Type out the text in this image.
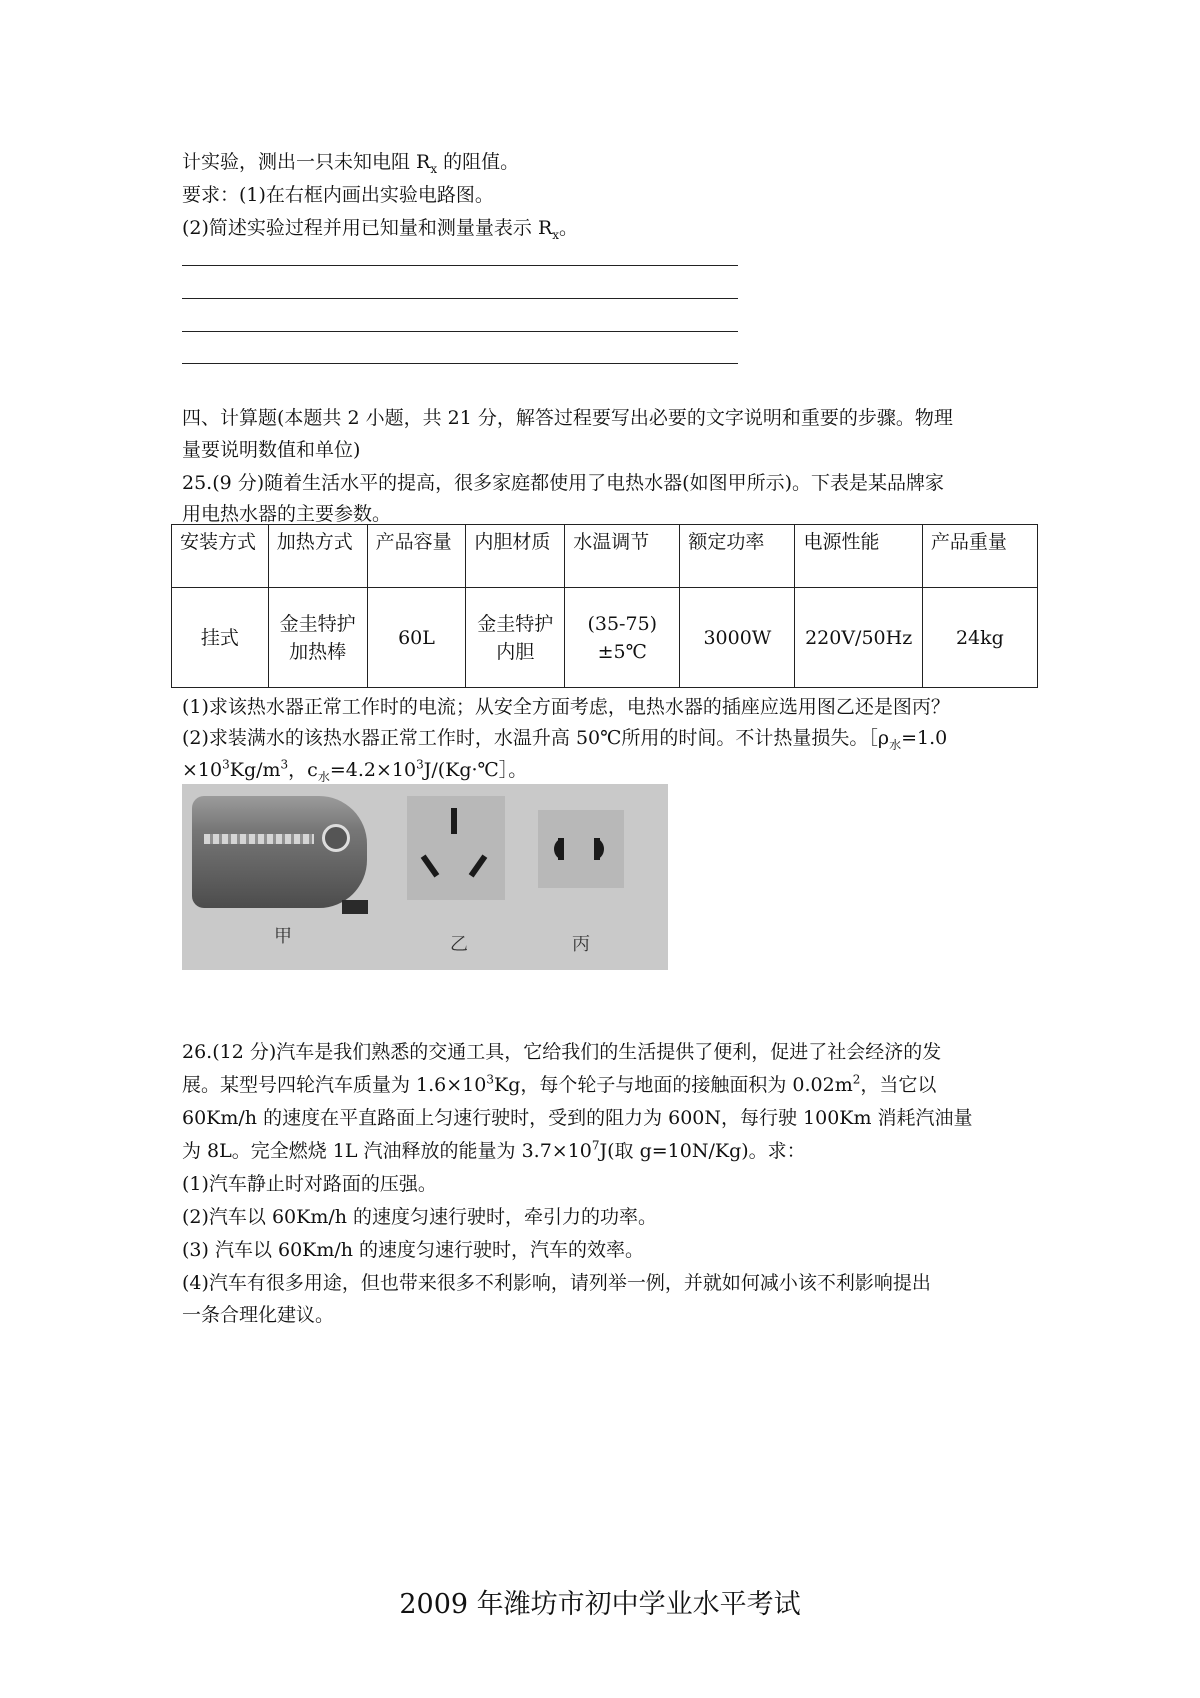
计实验，测出一只未知电阻 $R_x$ 的阻值。
要求：(1)在右框内画出实验电路图。
(2)简述实验过程并用已知量和测量量表示 $R_x$。
四、计算题(本题共 2 小题，共 21 分，解答过程要写出必要的文字说明和重要的步骤。物理
量要说明数值和单位)
25.(9 分)随着生活水平的提高，很多家庭都使用了电热水器(如图甲所示)。下表是某品牌家
用电热水器的主要参数。
安装方式	加热方式	产品容量	内胆材质	水温调节	额定功率	电源性能	产品重量
挂式	金圭特护加热棒	60L	金圭特护内胆	(35-75)±5℃	3000W	220V/50Hz	24kg
(1)求该热水器正常工作时的电流；从安全方面考虑，电热水器的插座应选用图乙还是图丙？
(2)求装满水的该热水器正常工作时，水温升高 50℃所用的时间。不计热量损失。$[\rho_水=1.0$
$\times 10^3Kg/m^3$，$c_水=4.2\times 10^3J/(Kg\cdot℃]$。
甲	乙	丙
26.(12 分)汽车是我们熟悉的交通工具，它给我们的生活提供了便利，促进了社会经济的发
展。某型号四轮汽车质量为 $1.6\times 10^3Kg$，每个轮子与地面的接触面积为 $0.02m^2$，当它以
60Km/h 的速度在平直路面上匀速行驶时，受到的阻力为 600N，每行驶 100Km 消耗汽油量
为 8L。完全燃烧 1L 汽油释放的能量为 $3.7\times 10^7J$(取 g=10N/Kg)。求：
(1)汽车静止时对路面的压强。
(2)汽车以 60Km/h 的速度匀速行驶时，牵引力的功率。
(3) 汽车以 60Km/h 的速度匀速行驶时，汽车的效率。
(4)汽车有很多用途，但也带来很多不利影响，请列举一例，并就如何减小该不利影响提出
一条合理化建议。
2009 年潍坊市初中学业水平考试
